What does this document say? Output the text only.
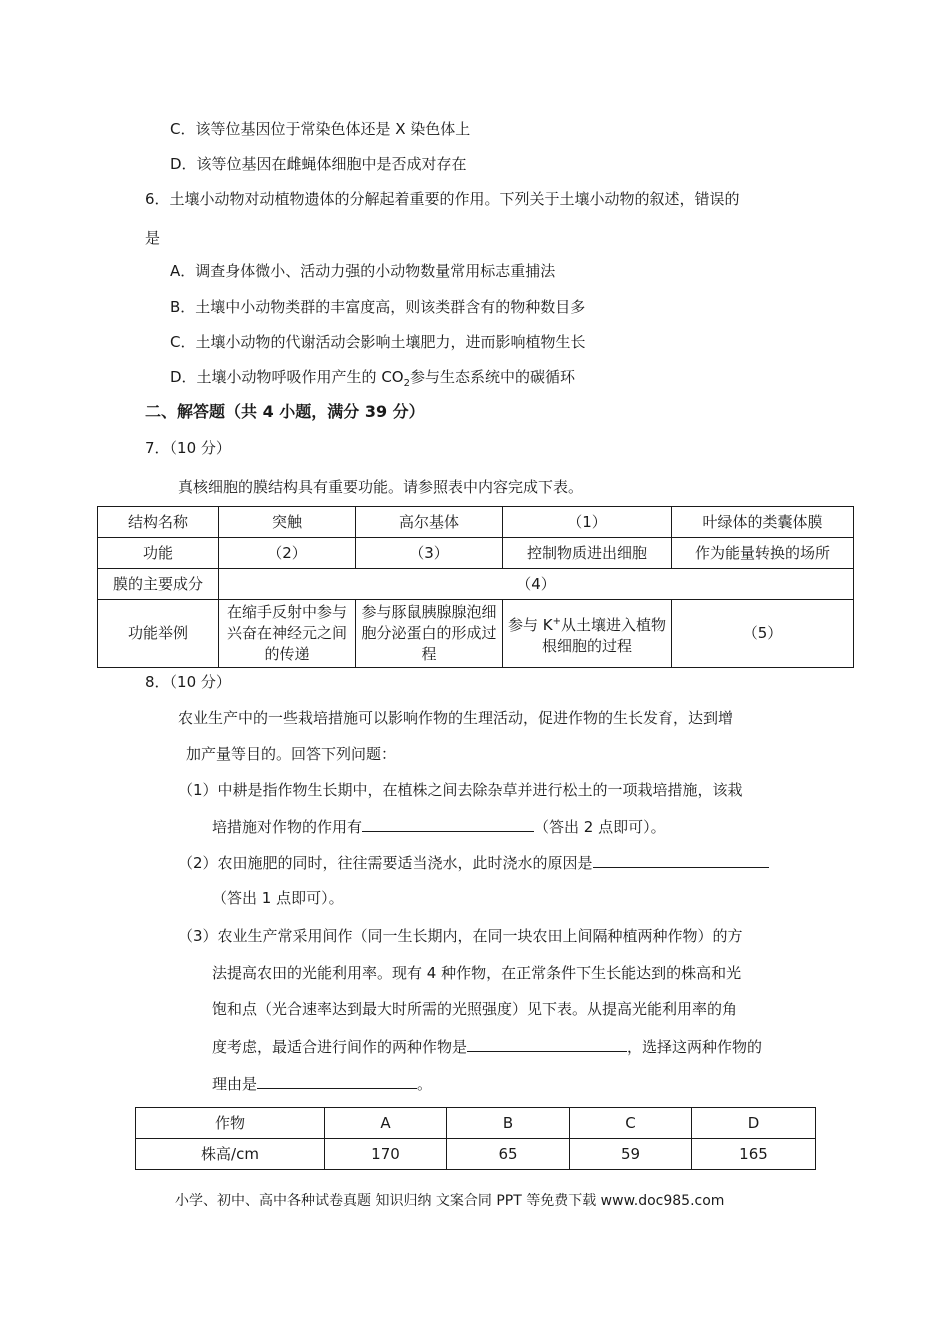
C．该等位基因位于常染色体还是 X 染色体上
D．该等位基因在雌蝇体细胞中是否成对存在
6．土壤小动物对动植物遗体的分解起着重要的作用。下列关于土壤小动物的叙述，错误的
是
A．调查身体微小、活动力强的小动物数量常用标志重捕法
B．土壤中小动物类群的丰富度高，则该类群含有的物种数目多
C．土壤小动物的代谢活动会影响土壤肥力，进而影响植物生长
D．土壤小动物呼吸作用产生的 $CO_2$参与生态系统中的碳循环
二、解答题（共 4 小题，满分 39 分）
7．（10 分）
真核细胞的膜结构具有重要功能。请参照表中内容完成下表。
结构名称	突触	高尔基体	（1）	叶绿体的类囊体膜
功能	（2）	（3）	控制物质进出细胞	作为能量转换的场所
膜的主要成分	（4）			
功能举例	在缩手反射中参与兴奋在神经元之间的传递	参与豚鼠胰腺腺泡细胞分泌蛋白的形成过程	参与 K+从土壤进入植物根细胞的过程	（5）
8．（10 分）
农业生产中的一些栽培措施可以影响作物的生理活动，促进作物的生长发育，达到增
加产量等目的。回答下列问题：
（1）中耕是指作物生长期中，在植株之间去除杂草并进行松土的一项栽培措施，该栽
培措施对作物的作用有	（答出 2 点即可）。
（2）农田施肥的同时，往往需要适当浇水，此时浇水的原因是
（答出 1 点即可）。
（3）农业生产常采用间作（同一生长期内，在同一块农田上间隔种植两种作物）的方
法提高农田的光能利用率。现有 4 种作物，在正常条件下生长能达到的株高和光
饱和点（光合速率达到最大时所需的光照强度）见下表。从提高光能利用率的角
度考虑，最适合进行间作的两种作物是	，选择这两种作物的
理由是	。
作物	A	B	C	D
株高/cm	170	65	59	165
小学、初中、高中各种试卷真题 知识归纳 文案合同 PPT 等免费下载 www.doc985.com
